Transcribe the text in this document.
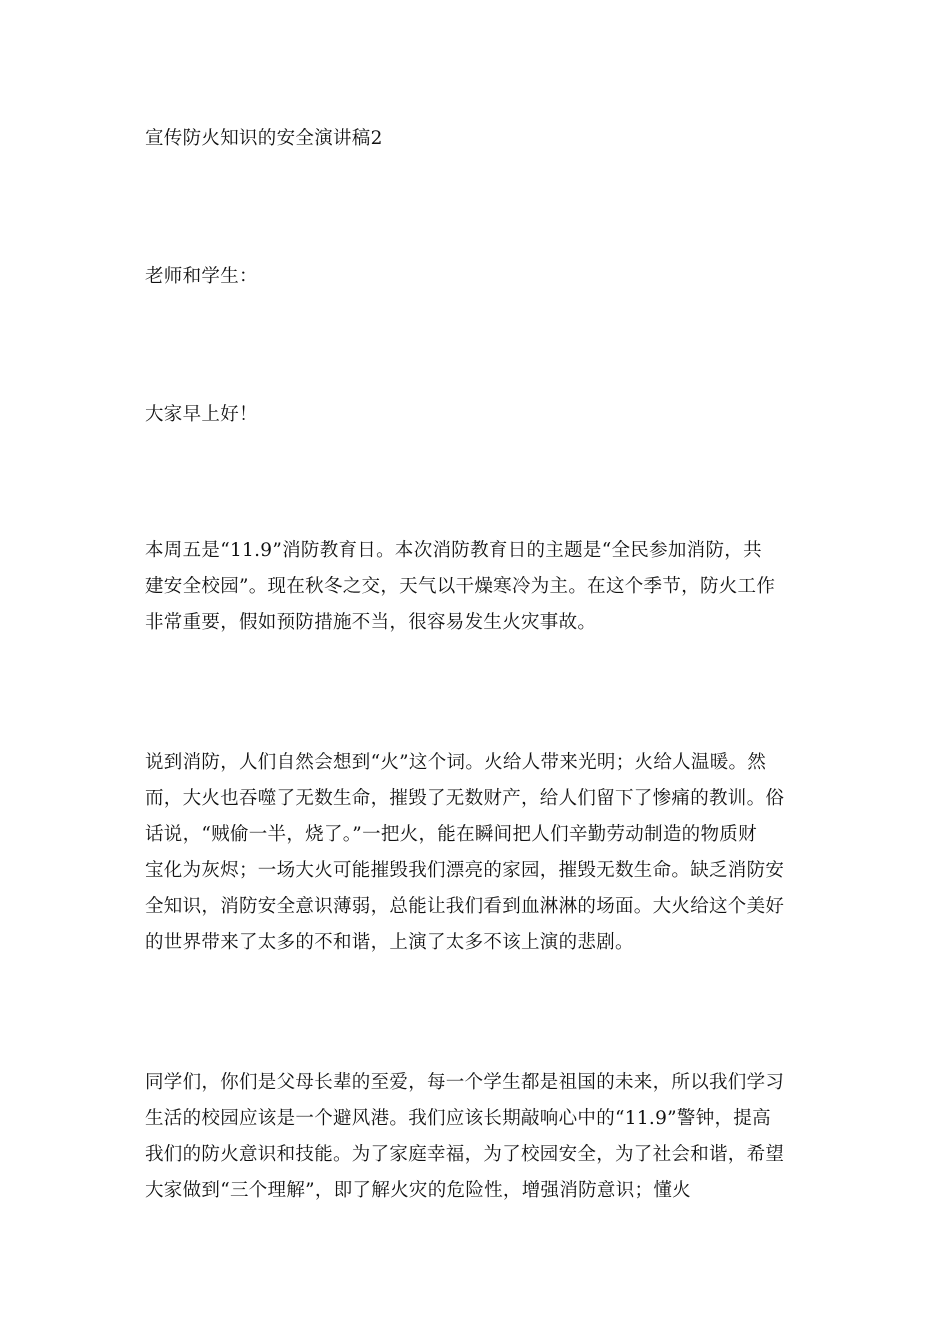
宣传防火知识的安全演讲稿2
老师和学生：
大家早上好！
本周五是“11.9”消防教育日。本次消防教育日的主题是“全民参加消防，共
建安全校园”。现在秋冬之交，天气以干燥寒冷为主。在这个季节，防火工作
非常重要，假如预防措施不当，很容易发生火灾事故。
说到消防，人们自然会想到“火”这个词。火给人带来光明；火给人温暖。然
而，大火也吞噬了无数生命，摧毁了无数财产，给人们留下了惨痛的教训。俗
话说，“贼偷一半，烧了。”一把火，能在瞬间把人们辛勤劳动制造的物质财
宝化为灰烬；一场大火可能摧毁我们漂亮的家园，摧毁无数生命。缺乏消防安
全知识，消防安全意识薄弱，总能让我们看到血淋淋的场面。大火给这个美好
的世界带来了太多的不和谐，上演了太多不该上演的悲剧。
同学们，你们是父母长辈的至爱，每一个学生都是祖国的未来，所以我们学习
生活的校园应该是一个避风港。我们应该长期敲响心中的“11.9”警钟，提高
我们的防火意识和技能。为了家庭幸福，为了校园安全，为了社会和谐，希望
大家做到“三个理解”，即了解火灾的危险性，增强消防意识；懂火
